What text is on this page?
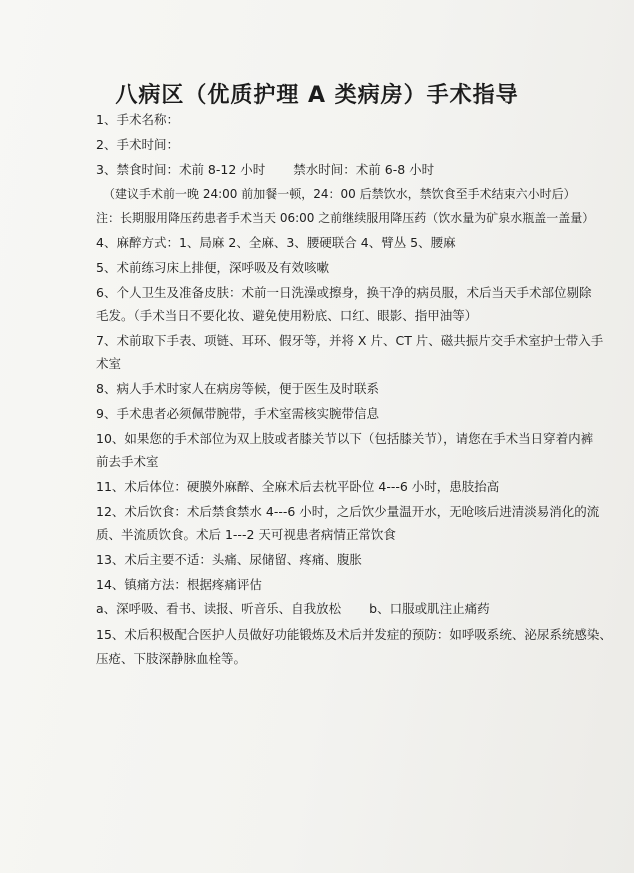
八病区（优质护理 A 类病房）手术指导
1、手术名称：
2、手术时间：
3、禁食时间：术前 8-12 小时 禁水时间：术前 6-8 小时
（建议手术前一晚 24:00 前加餐一顿，24：00 后禁饮水，禁饮食至手术结束六小时后）
注：长期服用降压药患者手术当天 06:00 之前继续服用降压药（饮水量为矿泉水瓶盖一盖量）
4、麻醉方式：1、局麻 2、全麻、3、腰硬联合 4、臂丛 5、腰麻
5、术前练习床上排便，深呼吸及有效咳嗽
6、个人卫生及准备皮肤：术前一日洗澡或擦身，换干净的病员服，术后当天手术部位剔除
毛发。（手术当日不要化妆、避免使用粉底、口红、眼影、指甲油等）
7、术前取下手表、项链、耳环、假牙等，并将 X 片、CT 片、磁共振片交手术室护士带入手
术室
8、病人手术时家人在病房等候，便于医生及时联系
9、手术患者必须佩带腕带，手术室需核实腕带信息
10、如果您的手术部位为双上肢或者膝关节以下（包括膝关节），请您在手术当日穿着内裤
前去手术室
11、术后体位：硬膜外麻醉、全麻术后去枕平卧位 4---6 小时，患肢抬高
12、术后饮食：术后禁食禁水 4---6 小时，之后饮少量温开水，无呛咳后进清淡易消化的流
质、半流质饮食。术后 1---2 天可视患者病情正常饮食
13、术后主要不适：头痛、尿储留、疼痛、腹胀
14、镇痛方法：根据疼痛评估
a、深呼吸、看书、读报、听音乐、自我放松 b、口服或肌注止痛药
15、术后积极配合医护人员做好功能锻炼及术后并发症的预防：如呼吸系统、泌尿系统感染、
压疮、下肢深静脉血栓等。
